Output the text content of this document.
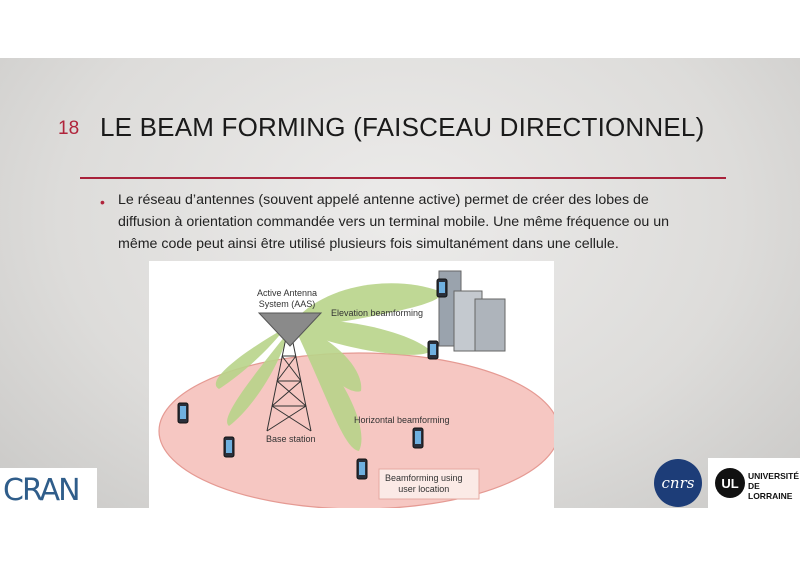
18 LE BEAM FORMING (FAISCEAU DIRECTIONNEL)
• Le réseau d’antennes (souvent appelé antenne active) permet de créer des lobes de

diffusion à orientation commandée vers un terminal mobile. Une même fréquence ou un

même code peut ainsi être utilisé plusieurs fois simultanément dans une cellule.

Active Antenna
System (AAS)
Elevation beamforming
Horizontal beamforming
Base station
Beamforming using
user location
CRAN	cnrs	UL UNIVERSITÉ
DE LORRAINE
